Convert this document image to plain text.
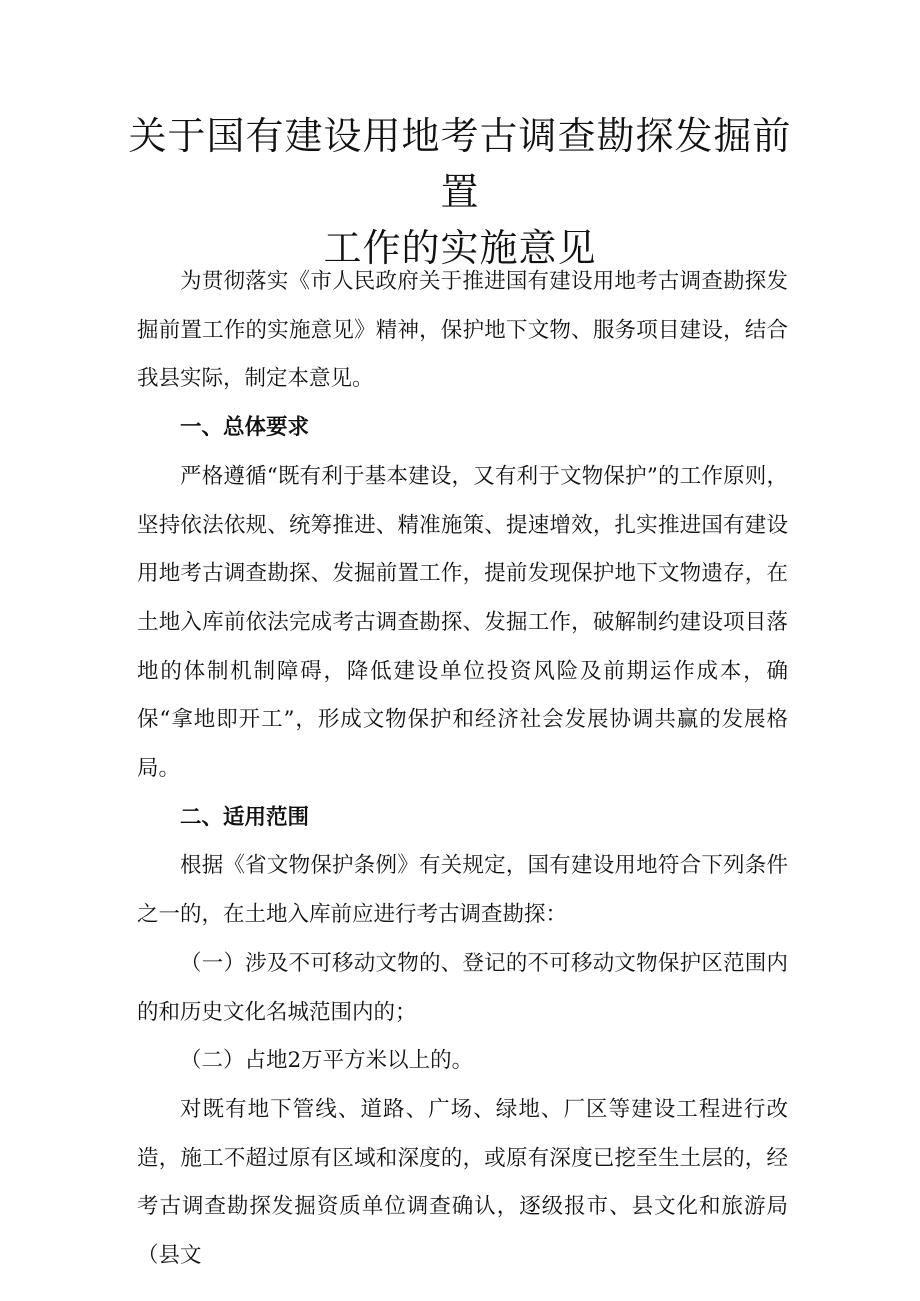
关于国有建设用地考古调查勘探发掘前置
工作的实施意见

为贯彻落实《市人民政府关于推进国有建设用地考古调查勘探发掘前置工作的实施意见》精神，保护地下文物、服务项目建设，结合我县实际，制定本意见。

一、总体要求

严格遵循“既有利于基本建设，又有利于文物保护”的工作原则，坚持依法依规、统筹推进、精准施策、提速增效，扎实推进国有建设用地考古调查勘探、发掘前置工作，提前发现保护地下文物遗存，在土地入库前依法完成考古调查勘探、发掘工作，破解制约建设项目落地的体制机制障碍，降低建设单位投资风险及前期运作成本，确保“拿地即开工”，形成文物保护和经济社会发展协调共赢的发展格局。

二、适用范围

根据《省文物保护条例》有关规定，国有建设用地符合下列条件之一的，在土地入库前应进行考古调查勘探：

（一）涉及不可移动文物的、登记的不可移动文物保护区范围内的和历史文化名城范围内的；

（二）占地2万平方米以上的。

对既有地下管线、道路、广场、绿地、厂区等建设工程进行改造，施工不超过原有区域和深度的，或原有深度已挖至生土层的，经考古调查勘探发掘资质单位调查确认，逐级报市、县文化和旅游局（县文
